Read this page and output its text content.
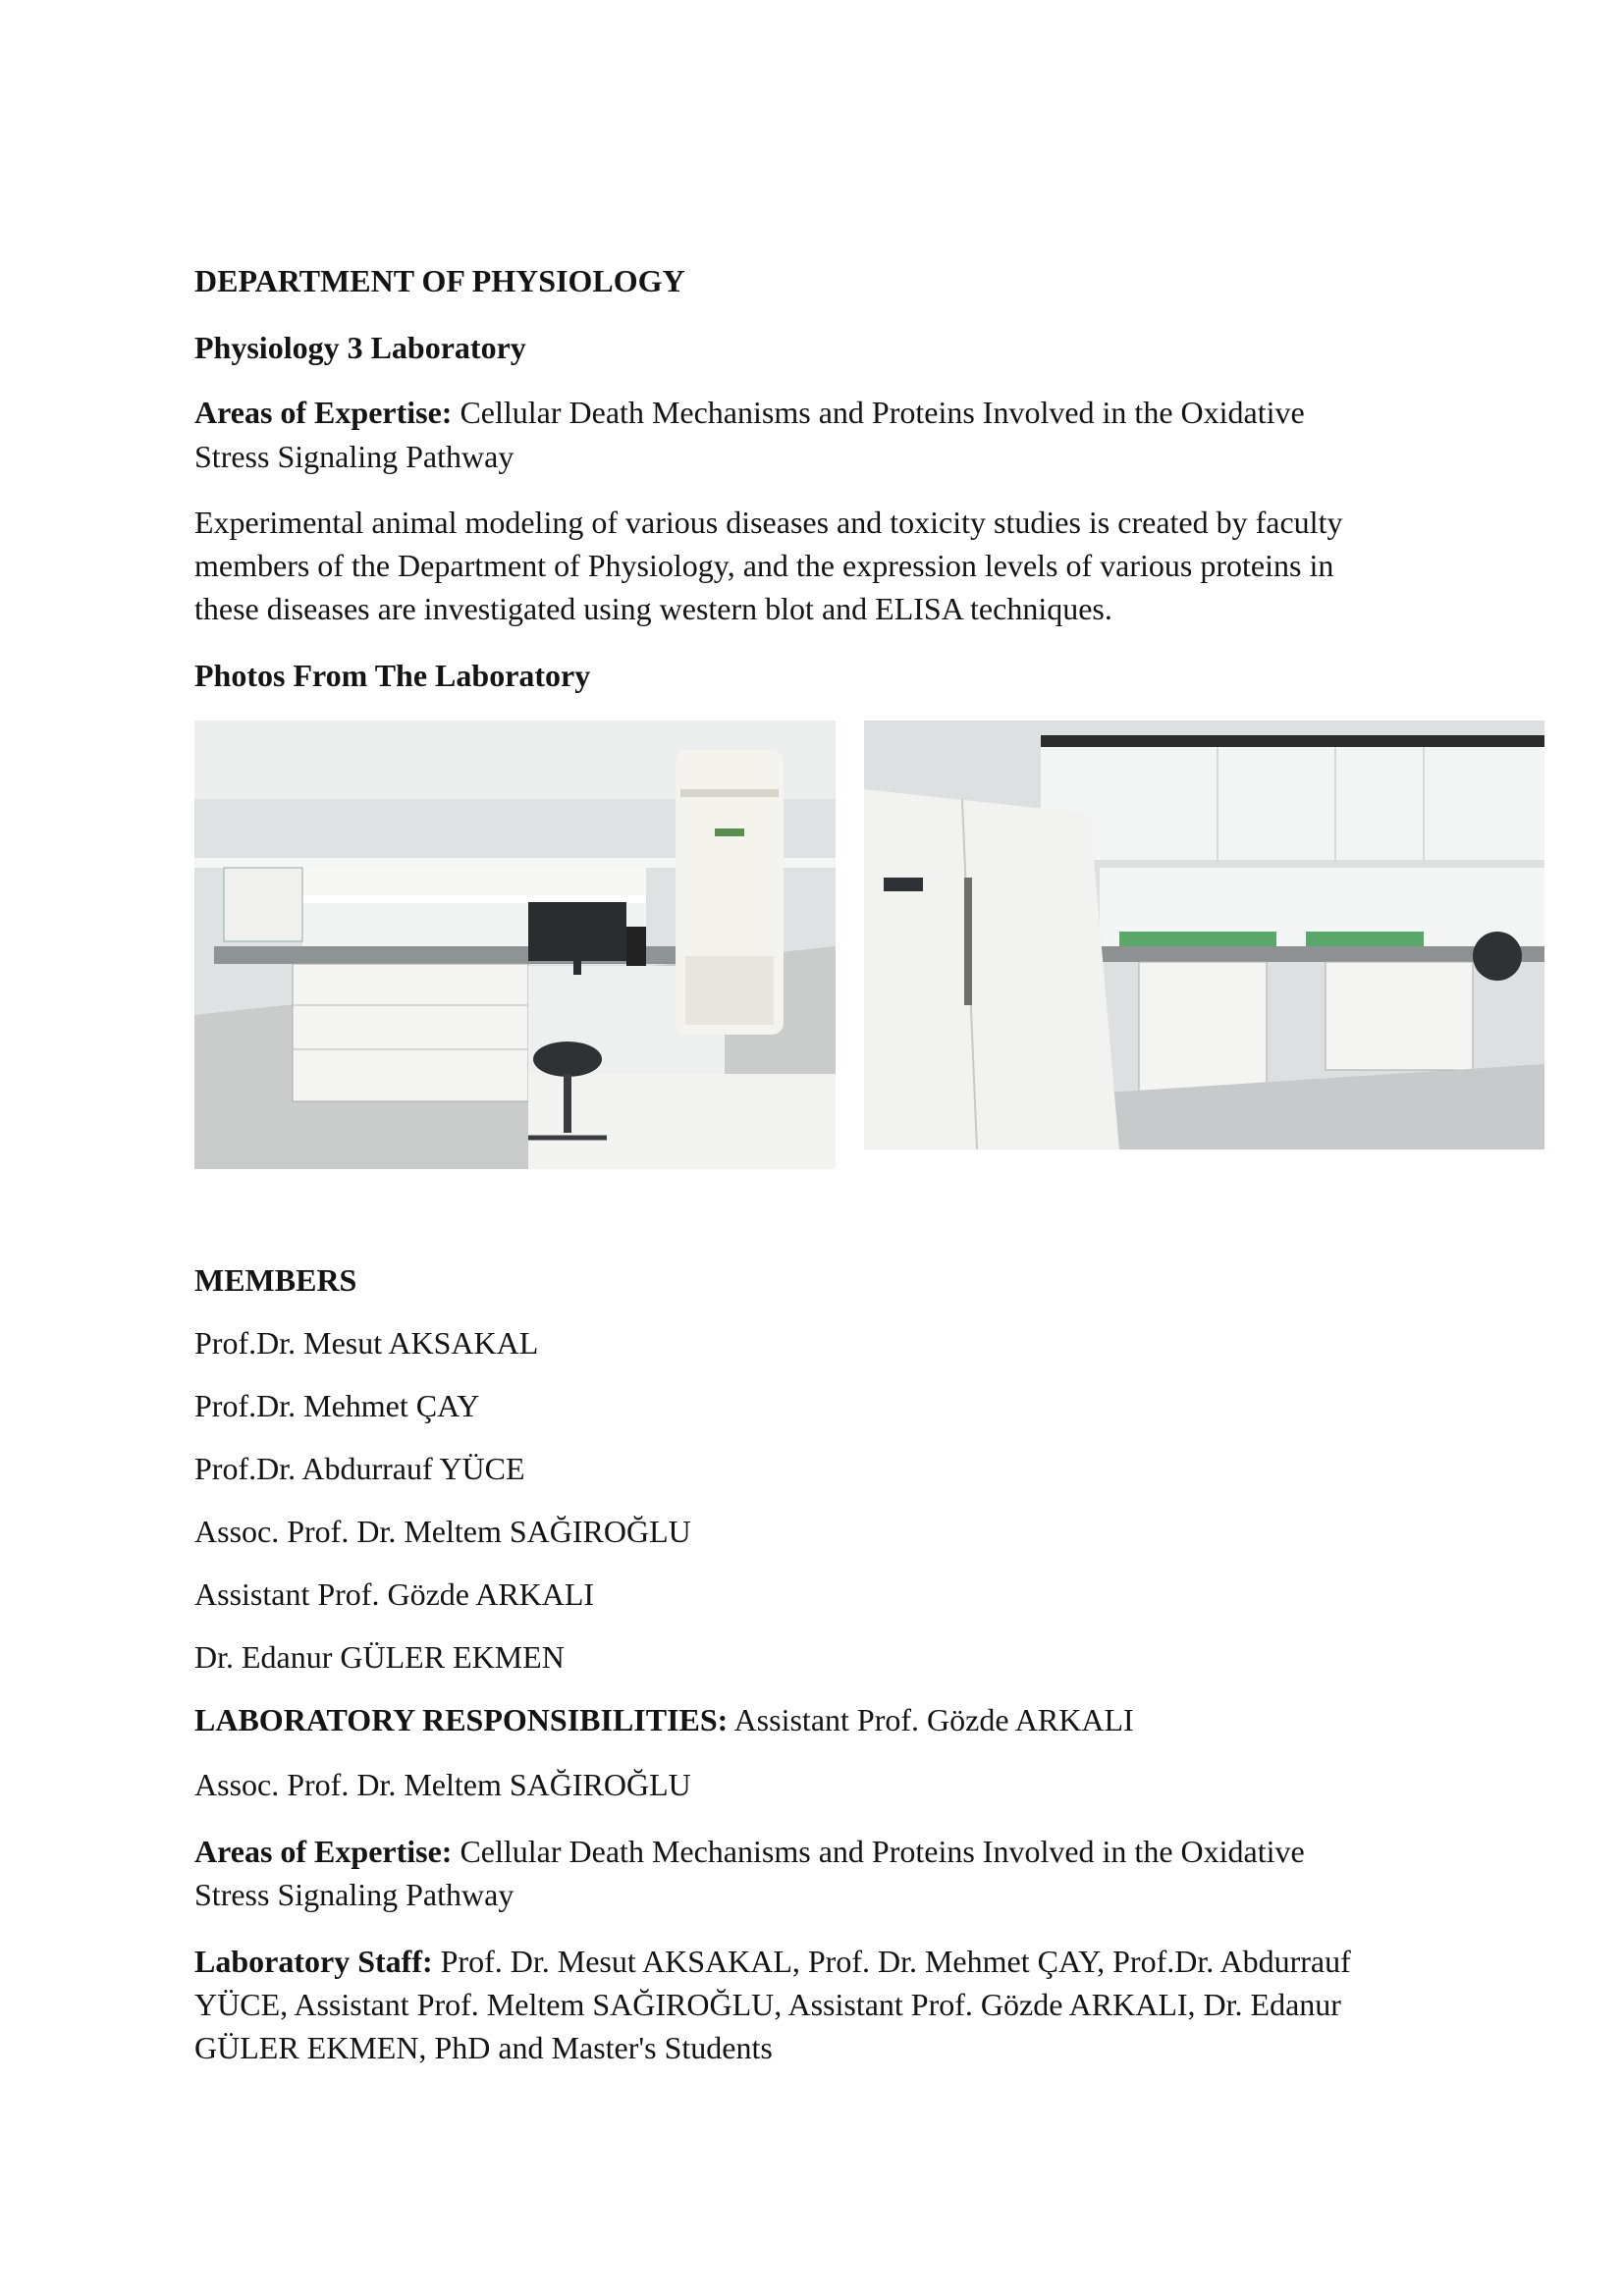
DEPARTMENT OF PHYSIOLOGY
Physiology 3 Laboratory
Areas of Expertise: Cellular Death Mechanisms and Proteins Involved in the Oxidative
Stress Signaling Pathway
Experimental animal modeling of various diseases and toxicity studies is created by faculty
members of the Department of Physiology, and the expression levels of various proteins in
these diseases are investigated using western blot and ELISA techniques.
Photos From The Laboratory
MEMBERS
Prof.Dr. Mesut AKSAKAL
Prof.Dr. Mehmet ÇAY
Prof.Dr. Abdurrauf YÜCE
Assoc. Prof. Dr. Meltem SAĞIROĞLU
Assistant Prof. Gözde ARKALI
Dr. Edanur GÜLER EKMEN
LABORATORY RESPONSIBILITIES: Assistant Prof. Gözde ARKALI
Assoc. Prof. Dr. Meltem SAĞIROĞLU
Areas of Expertise: Cellular Death Mechanisms and Proteins Involved in the Oxidative
Stress Signaling Pathway
Laboratory Staff: Prof. Dr. Mesut AKSAKAL, Prof. Dr. Mehmet ÇAY, Prof.Dr. Abdurrauf
YÜCE, Assistant Prof. Meltem SAĞIROĞLU, Assistant Prof. Gözde ARKALI, Dr. Edanur
GÜLER EKMEN, PhD and Master's Students
